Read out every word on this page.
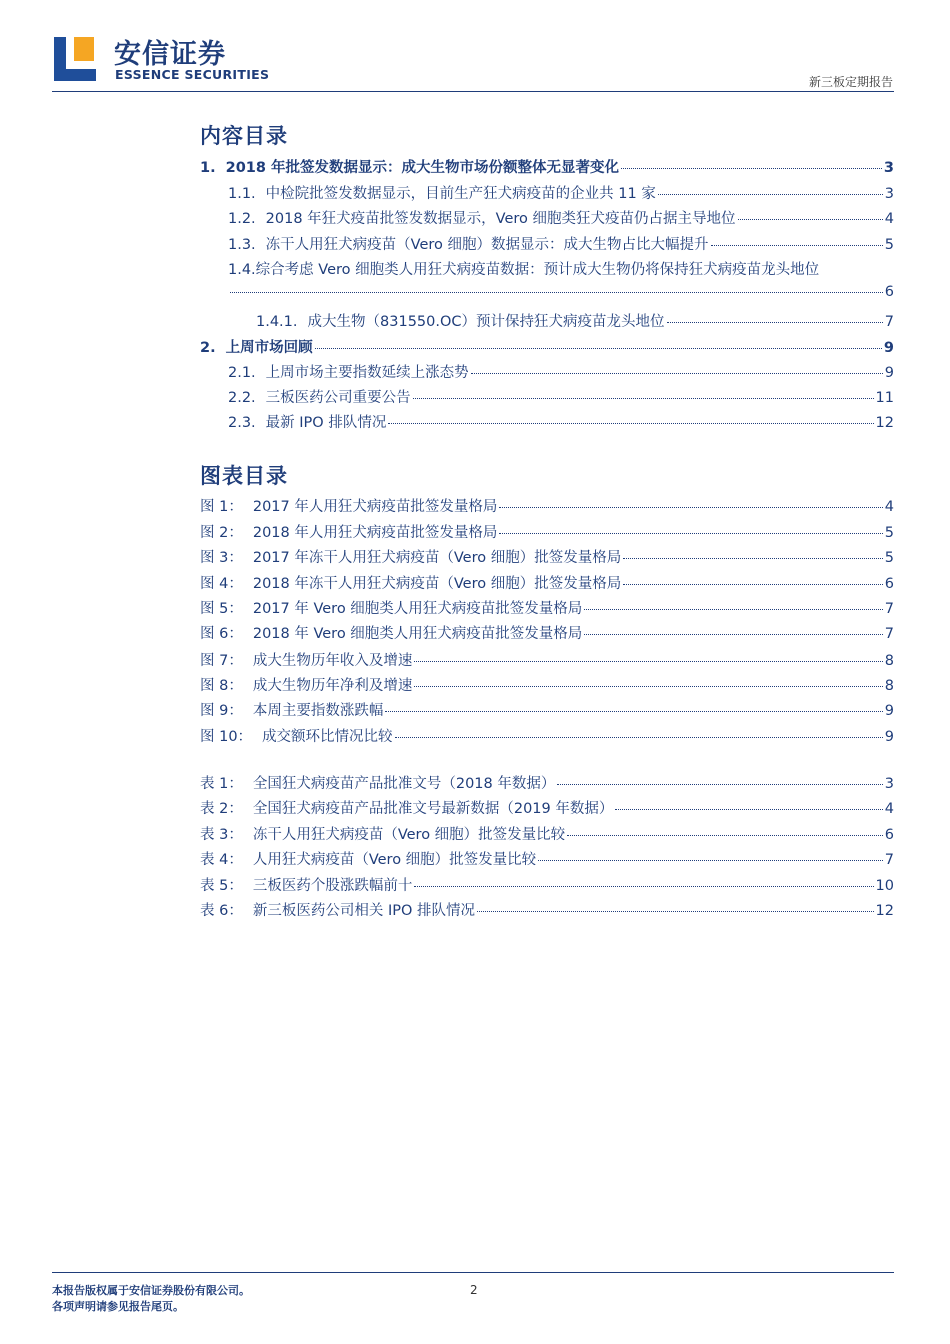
安信证券
ESSENCE SECURITIES	新三板定期报告
内容目录
1. 2018 年批签发数据显示：成大生物市场份额整体无显著变化	3
1.1. 中检院批签发数据显示，目前生产狂犬病疫苗的企业共 11 家	3
1.2. 2018 年狂犬疫苗批签发数据显示，Vero 细胞类狂犬疫苗仍占据主导地位	4
1.3. 冻干人用狂犬病疫苗（Vero 细胞）数据显示：成大生物占比大幅提升	5
1.4.综合考虑 Vero 细胞类人用狂犬病疫苗数据：预计成大生物仍将保持狂犬病疫苗龙头地位
6
1.4.1. 成大生物（831550.OC）预计保持狂犬病疫苗龙头地位	7
2. 上周市场回顾	9
2.1. 上周市场主要指数延续上涨态势	9
2.2. 三板医药公司重要公告	11
2.3. 最新 IPO 排队情况	12
图表目录
图 1： 2017 年人用狂犬病疫苗批签发量格局	4
图 2： 2018 年人用狂犬病疫苗批签发量格局	5
图 3： 2017 年冻干人用狂犬病疫苗（Vero 细胞）批签发量格局	5
图 4： 2018 年冻干人用狂犬病疫苗（Vero 细胞）批签发量格局	6
图 5： 2017 年 Vero 细胞类人用狂犬病疫苗批签发量格局	7
图 6： 2018 年 Vero 细胞类人用狂犬病疫苗批签发量格局	7
图 7： 成大生物历年收入及增速	8
图 8： 成大生物历年净利及增速	8
图 9： 本周主要指数涨跌幅	9
图 10： 成交额环比情况比较	9
表 1： 全国狂犬病疫苗产品批准文号（2018 年数据）	3
表 2： 全国狂犬病疫苗产品批准文号最新数据（2019 年数据）	4
表 3： 冻干人用狂犬病疫苗（Vero 细胞）批签发量比较	6
表 4： 人用狂犬病疫苗（Vero 细胞）批签发量比较	7
表 5： 三板医药个股涨跌幅前十	10
表 6： 新三板医药公司相关 IPO 排队情况	12
本报告版权属于安信证券股份有限公司。
各项声明请参见报告尾页。
2
